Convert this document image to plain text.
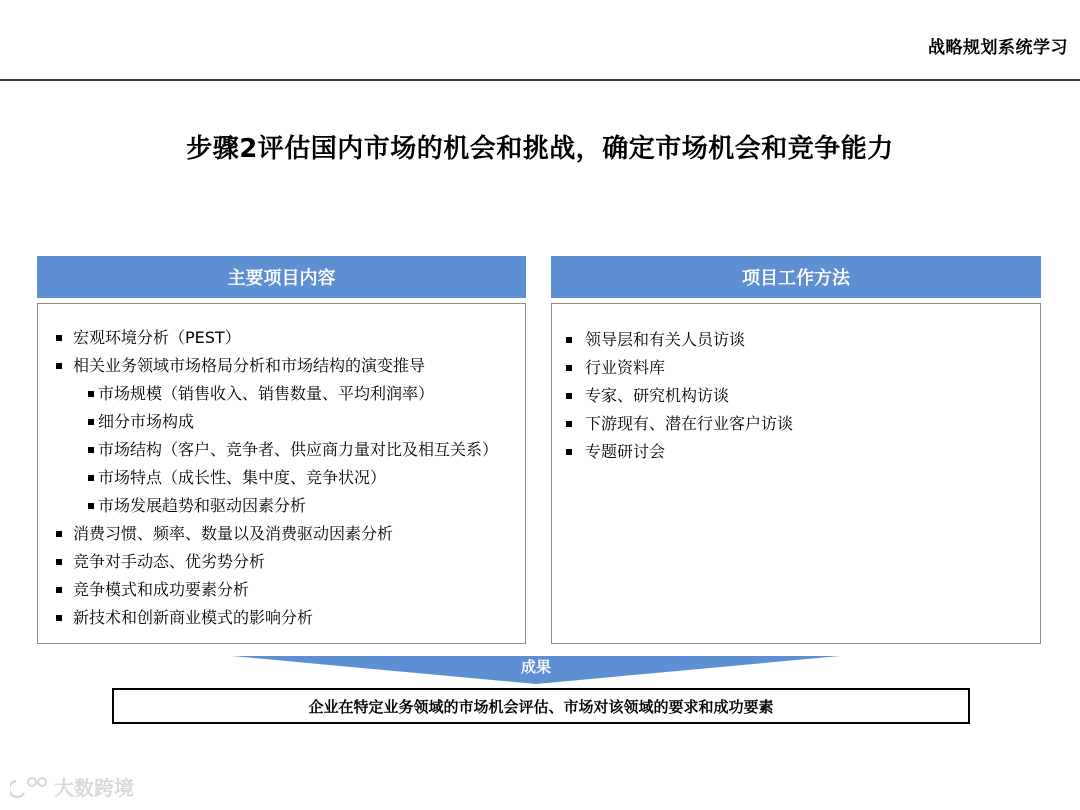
战略规划系统学习
步骤2评估国内市场的机会和挑战，确定市场机会和竞争能力
主要项目内容
宏观环境分析（PEST）
相关业务领域市场格局分析和市场结构的演变推导
市场规模（销售收入、销售数量、平均利润率）
细分市场构成
市场结构（客户、竞争者、供应商力量对比及相互关系）
市场特点（成长性、集中度、竞争状况）
市场发展趋势和驱动因素分析
消费习惯、频率、数量以及消费驱动因素分析
竞争对手动态、优劣势分析
竞争模式和成功要素分析
新技术和创新商业模式的影响分析
项目工作方法
领导层和有关人员访谈
行业资料库
专家、研究机构访谈
下游现有、潜在行业客户访谈
专题研讨会
成果
企业在特定业务领域的市场机会评估、市场对该领域的要求和成功要素
大数跨境
